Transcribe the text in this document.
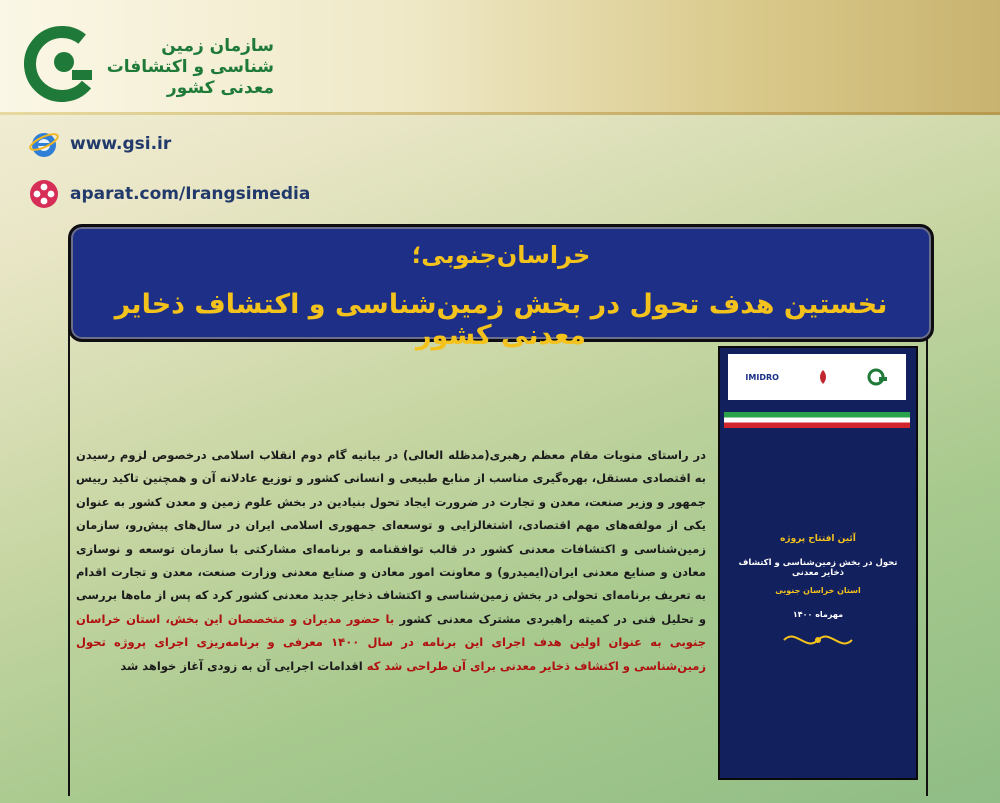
سازمان زمین شناسی و اکتشافات معدنی کشور
www.gsi.ir
aparat.com/Irangsimedia
خراسان‌جنوبی؛
نخستین هدف تحول در بخش زمین‌شناسی و اکتشاف ذخایر معدنی کشور
در راستای منویات مقام معظم رهبری(مدظله العالی) در بیانیه گام دوم انقلاب اسلامی درخصوص لزوم رسیدن به اقتصادی مستقل، بهره‌گیری مناسب از منابع طبیعی و انسانی کشور و توزیع عادلانه آن و همچنین تاکید رییس جمهور و وزیر صنعت، معدن و تجارت در ضرورت ایجاد تحول بنیادین در بخش علوم زمین و معدن کشور به عنوان یکی از مولفه‌های مهم اقتصادی، اشتغالزایی و توسعه‌ای جمهوری اسلامی ایران در سال‌های پیش‌رو، سازمان زمین‌شناسی و اکتشافات معدنی کشور در قالب توافقنامه و برنامه‌ای مشارکتی با سازمان توسعه و نوسازی معادن و صنایع معدنی ایران(ایمیدرو) و معاونت امور معادن و صنایع معدنی وزارت صنعت، معدن و تجارت اقدام به تعریف برنامه‌ای تحولی در بخش زمین‌شناسی و اکتشاف ذخایر جدید معدنی کشور کرد که پس از ماه‌ها بررسی و تحلیل فنی در کمیته راهبردی مشترک معدنی کشور با حضور مدیران و متخصصان این بخش، استان خراسان جنوبی به عنوان اولین هدف اجرای این برنامه در سال ۱۴۰۰ معرفی و برنامه‌ریزی اجرای پروژه تحول زمین‌شناسی و اکتشاف ذخایر معدنی برای آن طراحی شد که اقدامات اجرایی آن به زودی آغاز خواهد شد
IMIDRO
آئین افتتاح پروژه
تحول در بخش زمین‌شناسی و اکتشاف ذخایر معدنی
استان خراسان جنوبی
مهرماه ۱۴۰۰
